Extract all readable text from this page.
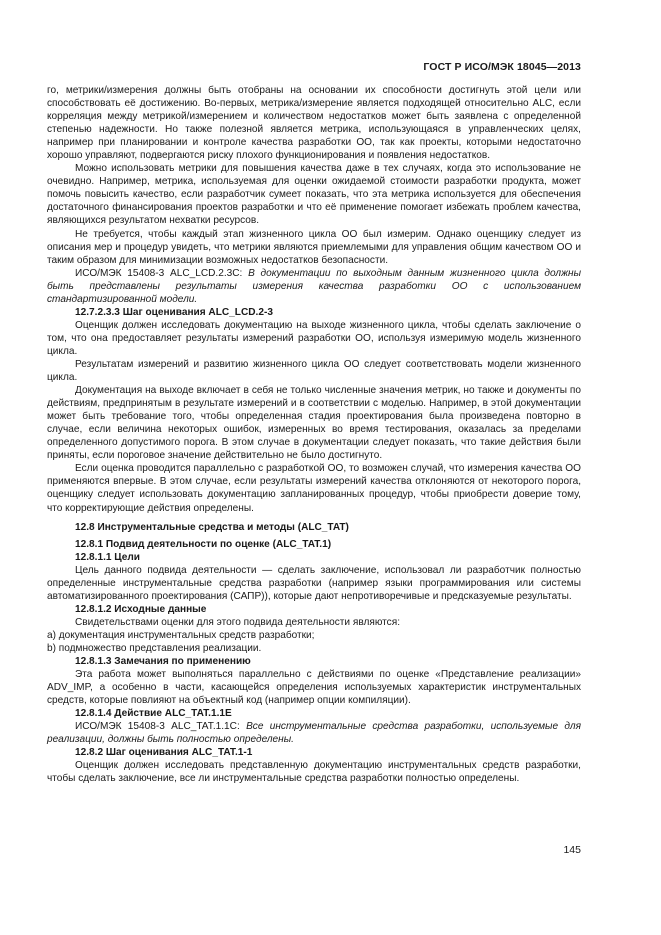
ГОСТ Р ИСО/МЭК 18045—2013

го, метрики/измерения должны быть отобраны на основании их способности достигнуть этой цели или способствовать её достижению. Во-первых, метрика/измерение является подходящей относительно ALC, если корреляция между метрикой/измерением и количеством недостатков может быть заявлена с определенной степенью надежности. Но также полезной является метрика, использующаяся в управленческих целях, например при планировании и контроле качества разработки ОО, так как проекты, которыми недостаточно хорошо управляют, подвергаются риску плохого функционирования и появления недостатков.

Можно использовать метрики для повышения качества даже в тех случаях, когда это использование не очевидно. Например, метрика, используемая для оценки ожидаемой стоимости разработки продукта, может помочь повысить качество, если разработчик сумеет показать, что эта метрика используется для обеспечения достаточного финансирования проектов разработки и что её применение помогает избежать проблем качества, являющихся результатом нехватки ресурсов.

Не требуется, чтобы каждый этап жизненного цикла ОО был измерим. Однако оценщику следует из описания мер и процедур увидеть, что метрики являются приемлемыми для управления общим качеством ОО и таким образом для минимизации возможных недостатков безопасности.

ИСО/МЭК 15408-3 ALC_LCD.2.3С: В документации по выходным данным жизненного цикла должны быть представлены результаты измерения качества разработки ОО с использованием стандартизированной модели.

12.7.2.3.3 Шаг оценивания ALC_LCD.2-3

Оценщик должен исследовать документацию на выходе жизненного цикла, чтобы сделать заключение о том, что она предоставляет результаты измерений разработки ОО, используя измеримую модель жизненного цикла.

Результатам измерений и развитию жизненного цикла ОО следует соответствовать модели жизненного цикла.

Документация на выходе включает в себя не только численные значения метрик, но также и документы по действиям, предпринятым в результате измерений и в соответствии с моделью. Например, в этой документации может быть требование того, чтобы определенная стадия проектирования была произведена повторно в случае, если величина некоторых ошибок, измеренных во время тестирования, оказалась за пределами определенного допустимого порога. В этом случае в документации следует показать, что такие действия были приняты, если пороговое значение действительно не было достигнуто.

Если оценка проводится параллельно с разработкой ОО, то возможен случай, что измерения качества ОО применяются впервые. В этом случае, если результаты измерений качества отклоняются от некоторого порога, оценщику следует использовать документацию запланированных процедур, чтобы приобрести доверие тому, что корректирующие действия определены.

12.8 Инструментальные средства и методы (ALC_TAT)

12.8.1 Подвид деятельности по оценке (ALC_TAT.1)

12.8.1.1 Цели

Цель данного подвида деятельности — сделать заключение, использовал ли разработчик полностью определенные инструментальные средства разработки (например языки программирования или системы автоматизированного проектирования (САПР)), которые дают непротиворечивые и предсказуемые результаты.

12.8.1.2 Исходные данные

Свидетельствами оценки для этого подвида деятельности являются:

a) документация инструментальных средств разработки;

b) подмножество представления реализации.

12.8.1.3 Замечания по применению

Эта работа может выполняться параллельно с действиями по оценке «Представление реализации» ADV_IMP, а особенно в части, касающейся определения используемых характеристик инструментальных средств, которые повлияют на объектный код (например опции компиляции).

12.8.1.4 Действие ALC_TAT.1.1E

ИСО/МЭК 15408-3 ALC_TAT.1.1С: Все инструментальные средства разработки, используемые для реализации, должны быть полностью определены.

12.8.2 Шаг оценивания ALC_TAT.1-1

Оценщик должен исследовать представленную документацию инструментальных средств разработки, чтобы сделать заключение, все ли инструментальные средства разработки полностью определены.

145
